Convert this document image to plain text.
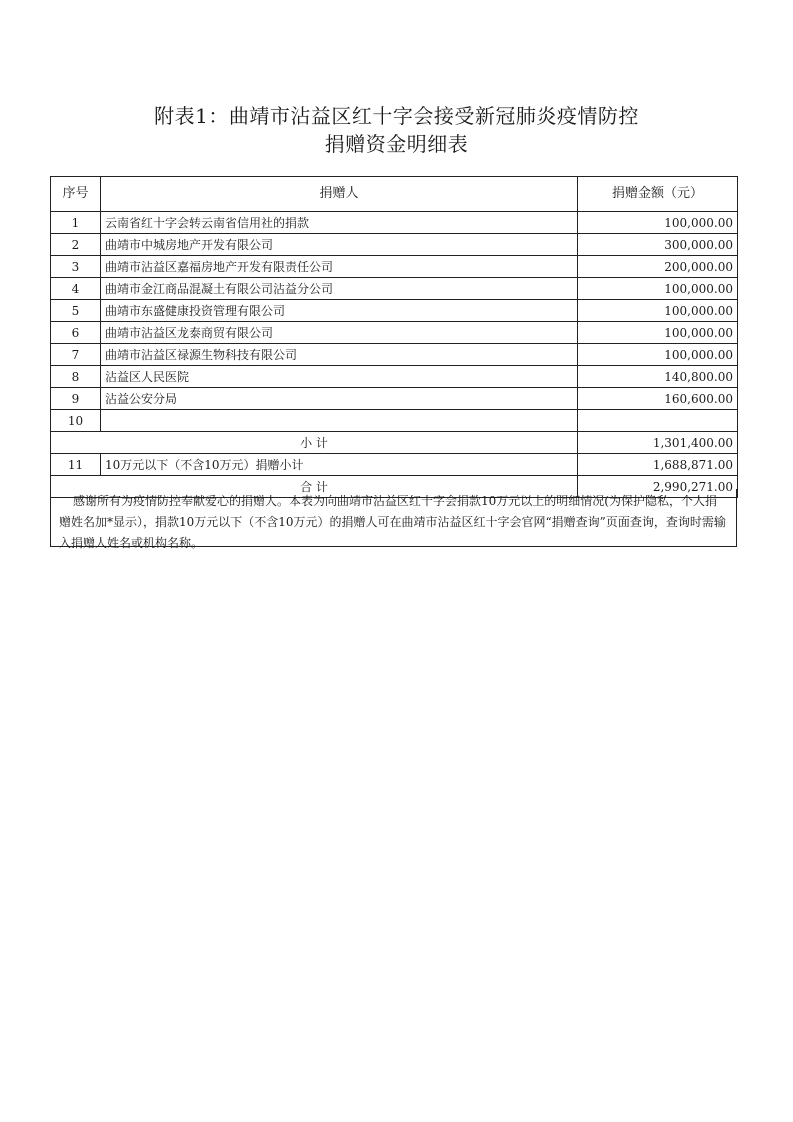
附表1：曲靖市沾益区红十字会接受新冠肺炎疫情防控
捐赠资金明细表
序号	捐赠人	捐赠金额（元）
1	云南省红十字会转云南省信用社的捐款	100,000.00
2	曲靖市中城房地产开发有限公司	300,000.00
3	曲靖市沾益区嘉福房地产开发有限责任公司	200,000.00
4	曲靖市金江商品混凝土有限公司沾益分公司	100,000.00
5	曲靖市东盛健康投资管理有限公司	100,000.00
6	曲靖市沾益区龙泰商贸有限公司	100,000.00
7	曲靖市沾益区禄源生物科技有限公司	100,000.00
8	沾益区人民医院	140,800.00
9	沾益公安分局	160,600.00
10		
小 计		1,301,400.00
11	10万元以下（不含10万元）捐赠小计	1,688,871.00
合 计		2,990,271.00
感谢所有为疫情防控奉献爱心的捐赠人。本表为向曲靖市沾益区红十字会捐款10万元以上的明细情况(为保护隐私，个人捐赠姓名加*显示），捐款10万元以下（不含10万元）的捐赠人可在曲靖市沾益区红十字会官网“捐赠查询”页面查询，查询时需输入捐赠人姓名或机构名称。
